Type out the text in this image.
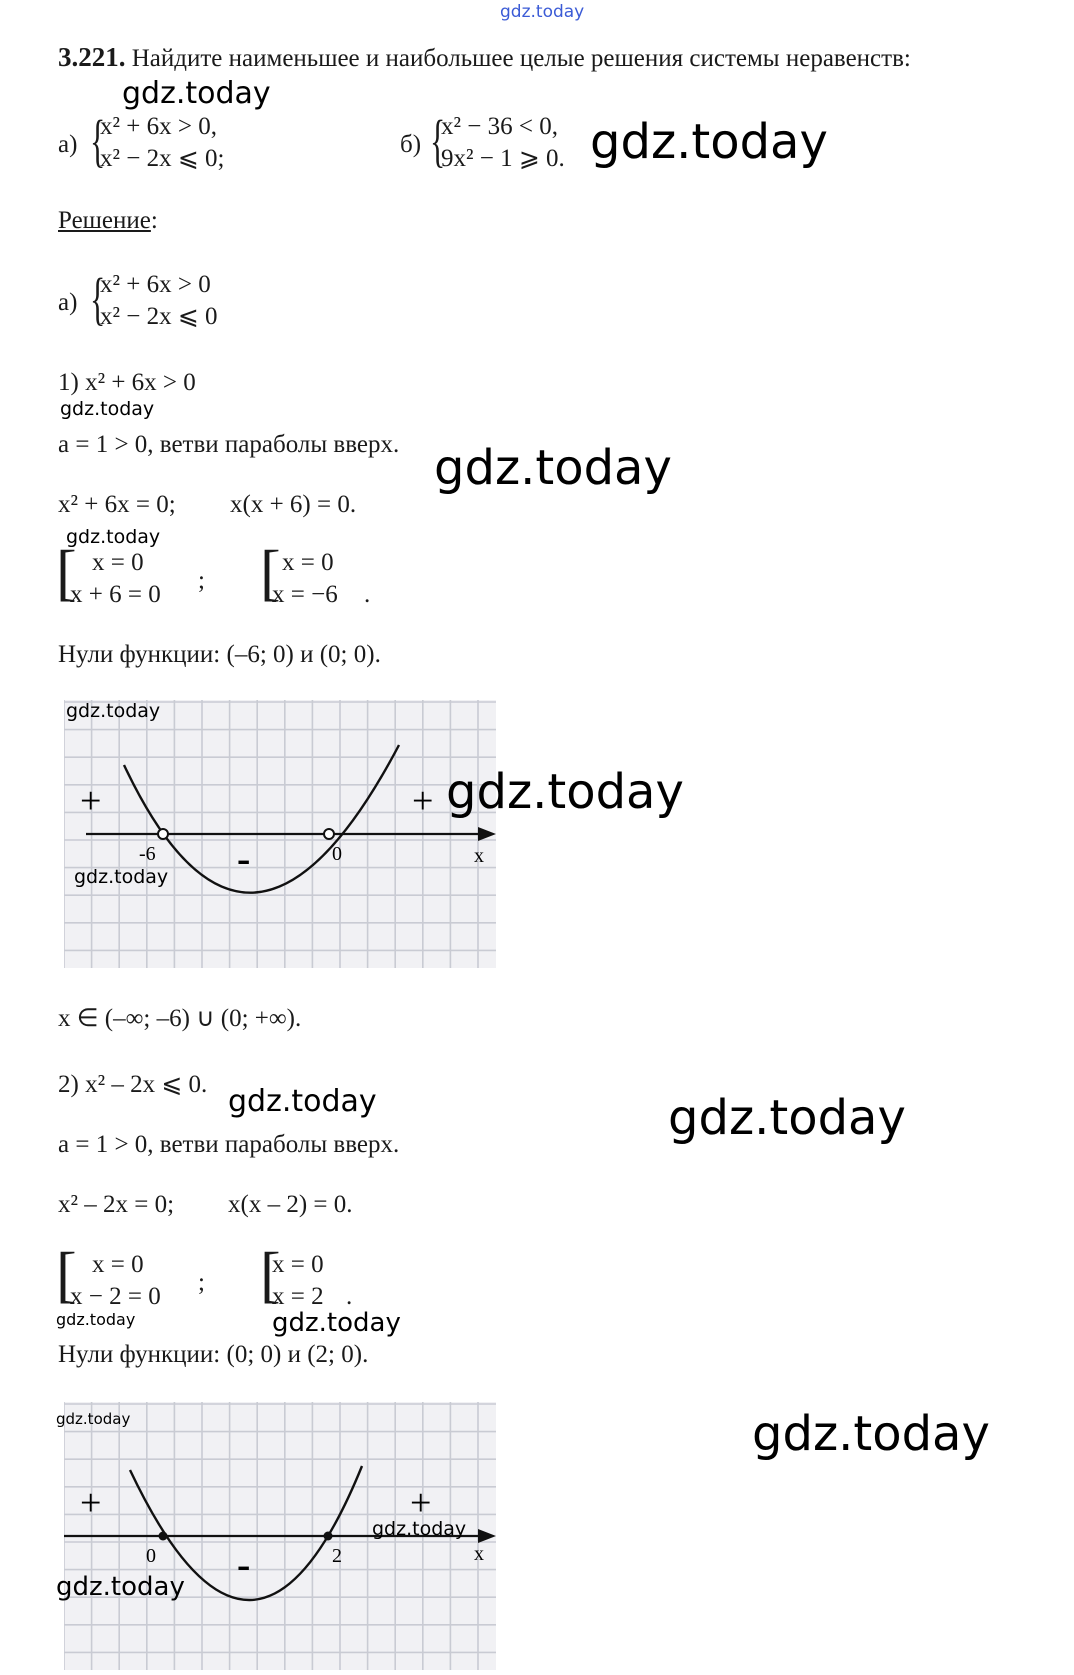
gdz.today
3.221. Найдите наименьшее и наибольшее целые решения системы неравенств:
gdz.today
а) {
x² + 6x > 0,
x² − 2x ⩽ 0;
б) {
x² − 36 < 0,
9x² − 1 ⩾ 0. gdz.today
Решение:
а) {
x² + 6x > 0
x² − 2x ⩽ 0
1) x² + 6x > 0
gdz.today
a = 1 > 0, ветви параболы вверх. gdz.today
x² + 6x = 0; x(x + 6) = 0.
gdz.today
[ x = 0
x + 6 = 0
; [ x = 0
x = −6 .
Нули функции: (–6; 0) и (0; 0).
+	+
-
-6	0	x
gdz.today
gdz.today
gdz.today
x ∈ (–∞; –6) ∪ (0; +∞).
2) x² – 2x ⩽ 0. gdz.today	gdz.today
a = 1 > 0, ветви параболы вверх.
x² – 2x = 0; x(x – 2) = 0.
[ x = 0
x − 2 = 0
; [
x = 0
x = 2 .
gdz.today	gdz.today
Нули функции: (0; 0) и (2; 0).
+	+
-
0	2	x
gdz.today
gdz.today
gdz.today
gdz.today
